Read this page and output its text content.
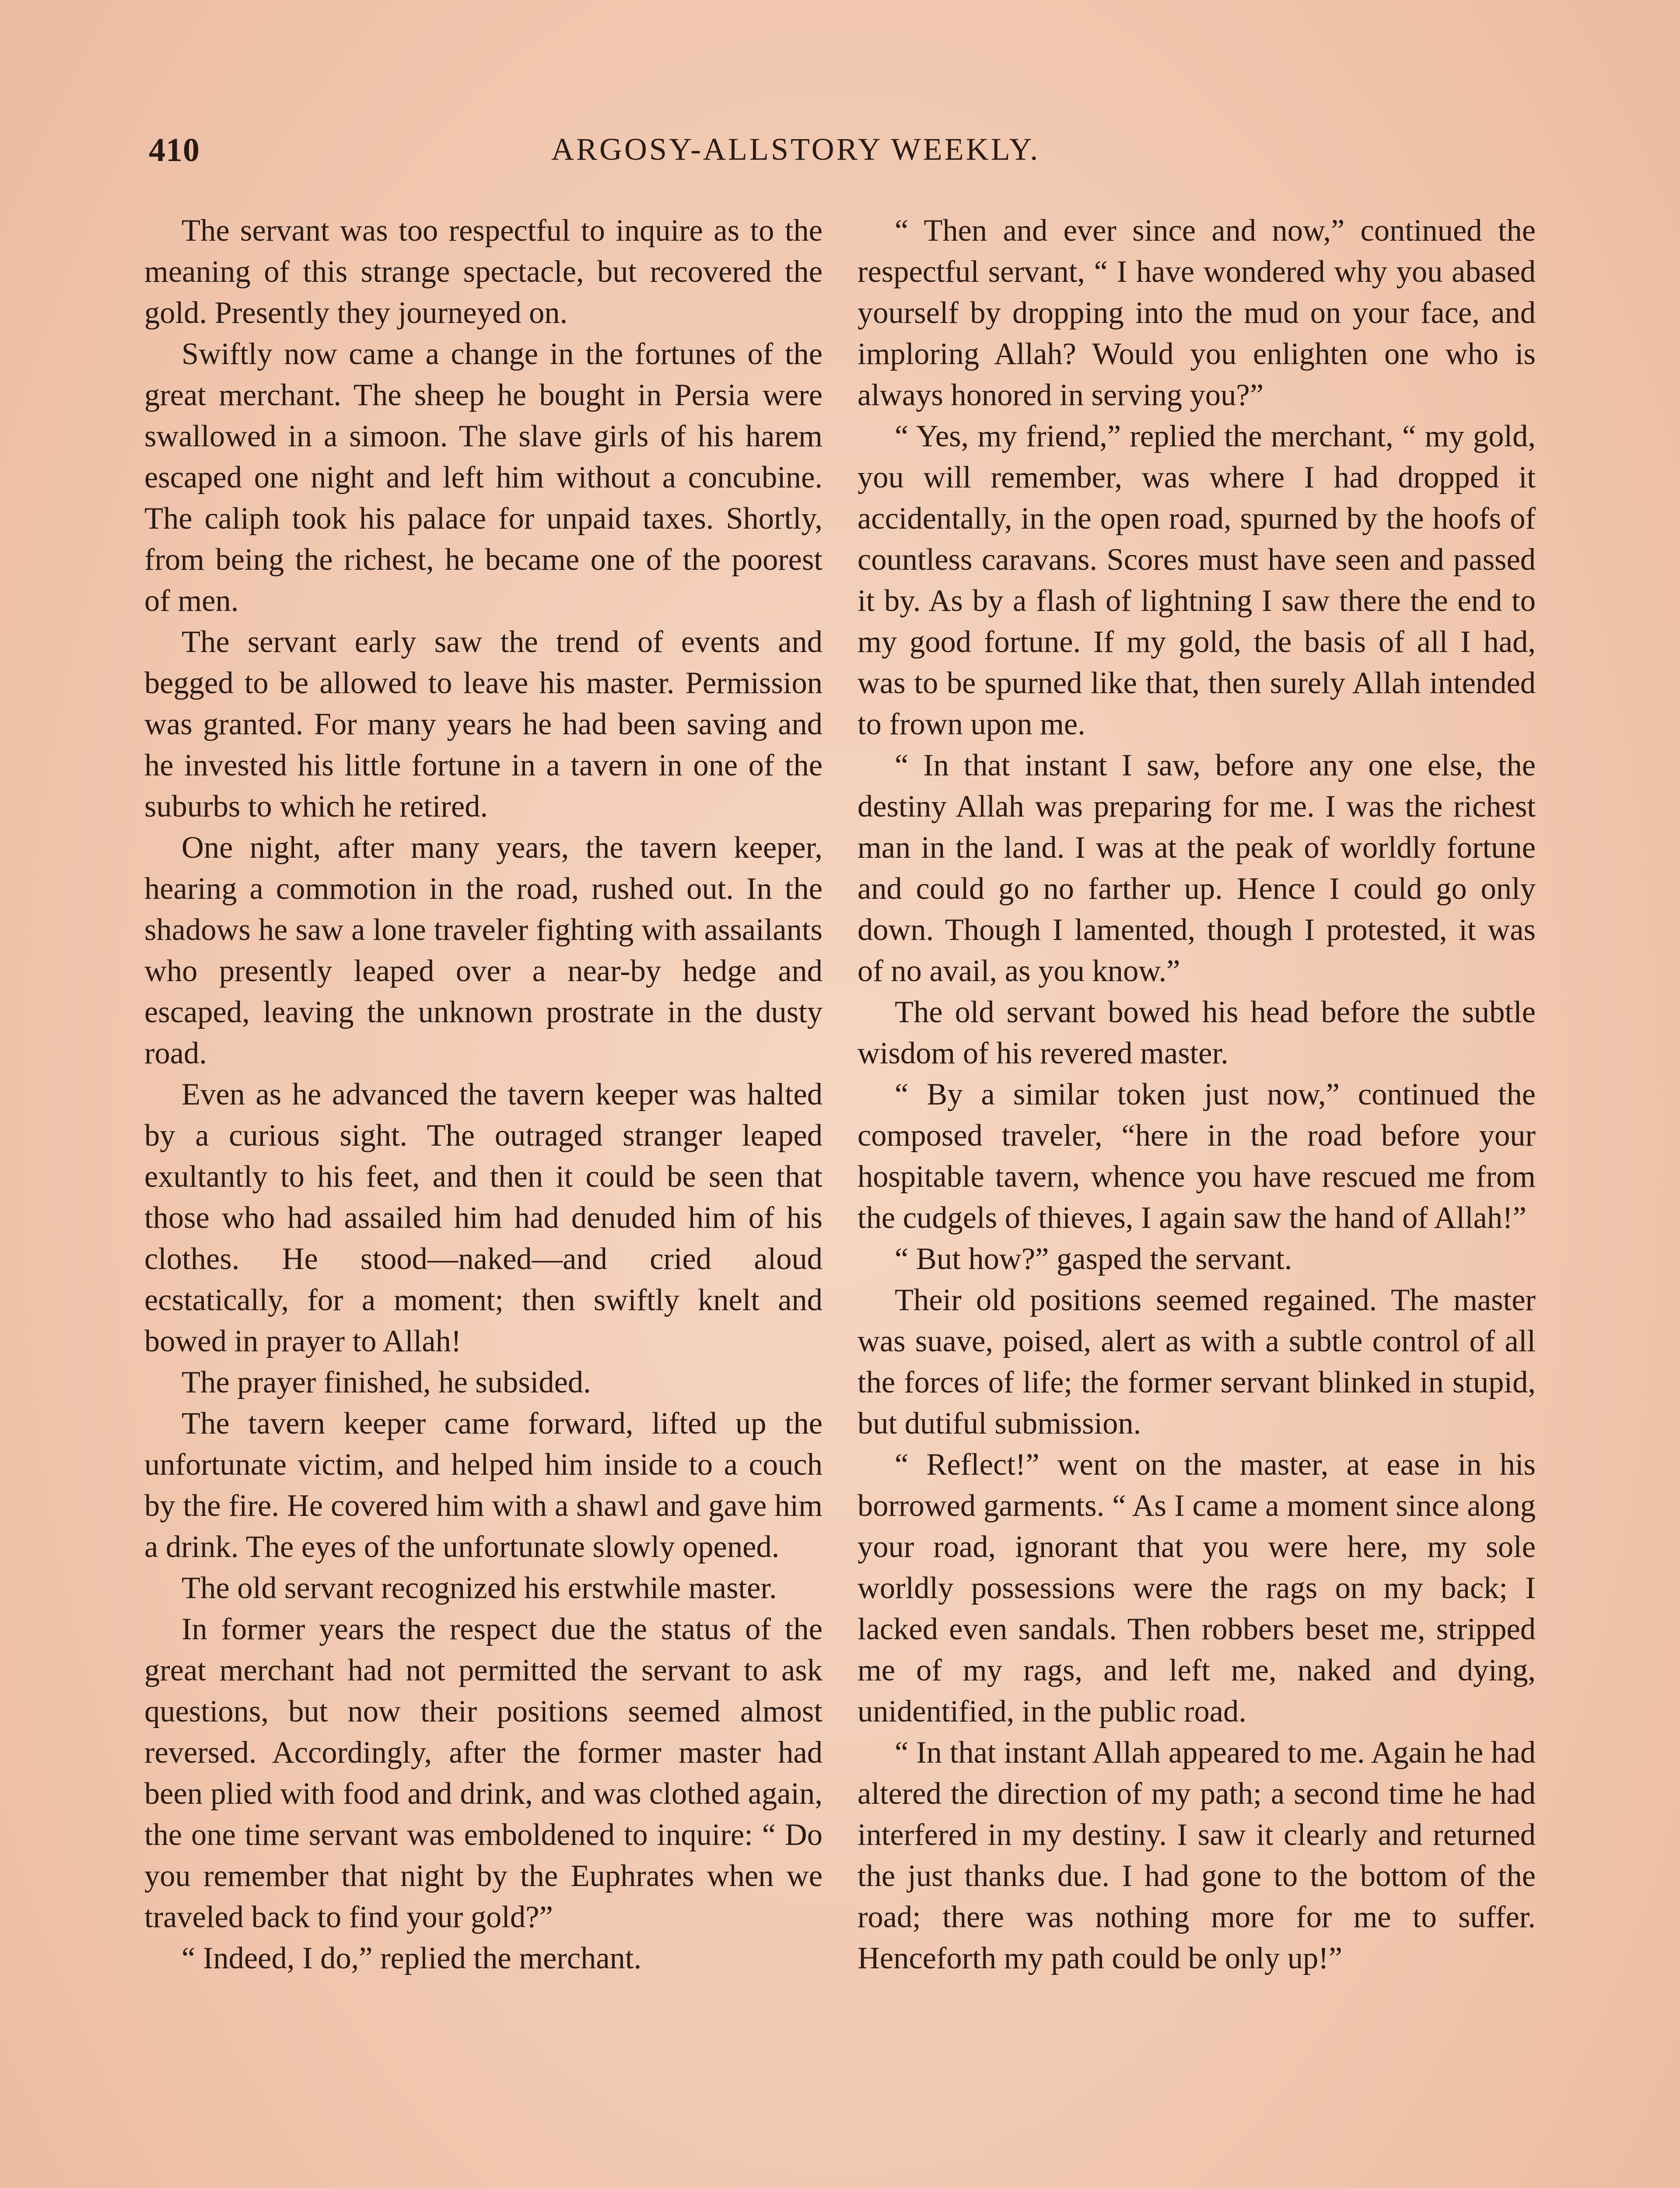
410	ARGOSY-ALLSTORY WEEKLY.

The servant was too respectful to inquire as to the meaning of this strange spectacle, but recovered the gold. Presently they journeyed on.

Swiftly now came a change in the fortunes of the great merchant. The sheep he bought in Persia were swallowed in a simoon. The slave girls of his harem escaped one night and left him without a concubine. The caliph took his palace for unpaid taxes. Shortly, from being the richest, he became one of the poorest of men.

The servant early saw the trend of events and begged to be allowed to leave his master. Permission was granted. For many years he had been saving and he invested his little fortune in a tavern in one of the suburbs to which he retired.

One night, after many years, the tavern keeper, hearing a commotion in the road, rushed out. In the shadows he saw a lone traveler fighting with assailants who presently leaped over a near-by hedge and escaped, leaving the unknown prostrate in the dusty road.

Even as he advanced the tavern keeper was halted by a curious sight. The outraged stranger leaped exultantly to his feet, and then it could be seen that those who had assailed him had denuded him of his clothes. He stood—naked—and cried aloud ecstatically, for a moment; then swiftly knelt and bowed in prayer to Allah!

The prayer finished, he subsided.

The tavern keeper came forward, lifted up the unfortunate victim, and helped him inside to a couch by the fire. He covered him with a shawl and gave him a drink. The eyes of the unfortunate slowly opened.

The old servant recognized his erstwhile master.

In former years the respect due the status of the great merchant had not permitted the servant to ask questions, but now their positions seemed almost reversed. Accordingly, after the former master had been plied with food and drink, and was clothed again, the one time servant was emboldened to inquire: “ Do you remember that night by the Euphrates when we traveled back to find your gold?”

“ Indeed, I do,” replied the merchant.

“ Then and ever since and now,” continued the respectful servant, “ I have wondered why you abased yourself by dropping into the mud on your face, and imploring Allah? Would you enlighten one who is always honored in serving you?”

“ Yes, my friend,” replied the merchant, “ my gold, you will remember, was where I had dropped it accidentally, in the open road, spurned by the hoofs of countless caravans. Scores must have seen and passed it by. As by a flash of lightning I saw there the end to my good fortune. If my gold, the basis of all I had, was to be spurned like that, then surely Allah intended to frown upon me.

“ In that instant I saw, before any one else, the destiny Allah was preparing for me. I was the richest man in the land. I was at the peak of worldly fortune and could go no farther up. Hence I could go only down. Though I lamented, though I protested, it was of no avail, as you know.”

The old servant bowed his head before the subtle wisdom of his revered master.

“ By a similar token just now,” continued the composed traveler, “here in the road before your hospitable tavern, whence you have rescued me from the cudgels of thieves, I again saw the hand of Allah!”

“ But how?” gasped the servant.

Their old positions seemed regained. The master was suave, poised, alert as with a subtle control of all the forces of life; the former servant blinked in stupid, but dutiful submission.

“ Reflect!” went on the master, at ease in his borrowed garments. “ As I came a moment since along your road, ignorant that you were here, my sole worldly possessions were the rags on my back; I lacked even sandals. Then robbers beset me, stripped me of my rags, and left me, naked and dying, unidentified, in the public road.

“ In that instant Allah appeared to me. Again he had altered the direction of my path; a second time he had interfered in my destiny. I saw it clearly and returned the just thanks due. I had gone to the bottom of the road; there was nothing more for me to suffer. Henceforth my path could be only up!”
